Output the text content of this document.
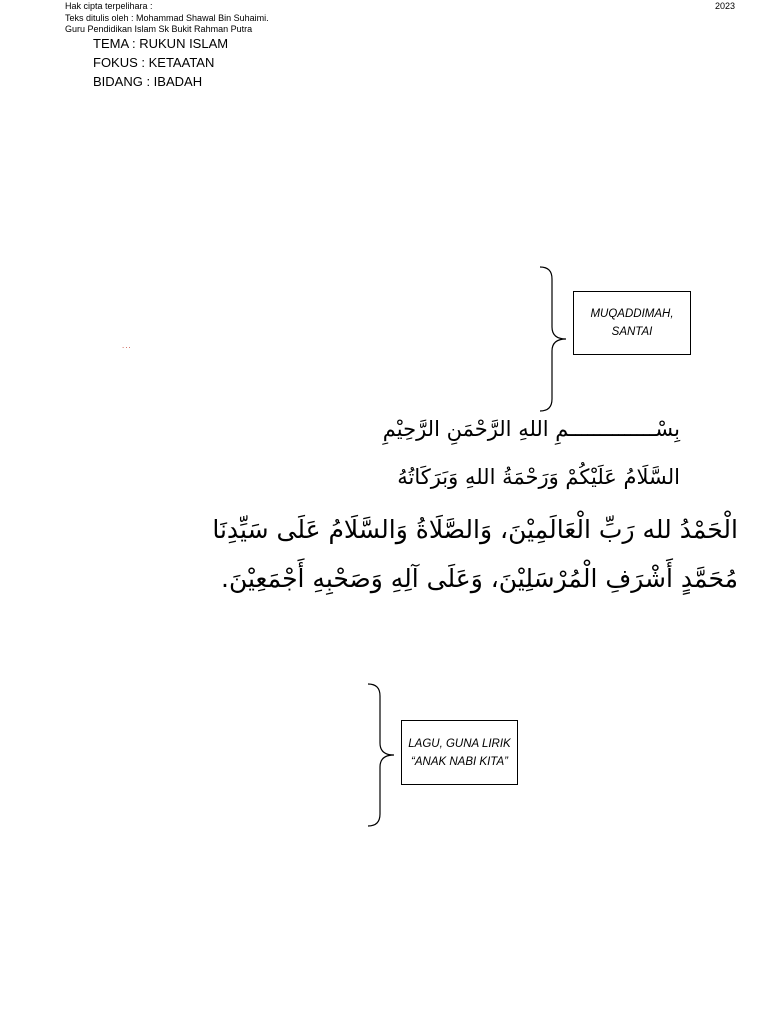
Hak cipta terpelihara :
Teks ditulis oleh : Mohammad Shawal Bin Suhaimi.
Guru Pendidikan Islam Sk Bukit Rahman Putra
2023
TEMA : RUKUN ISLAM
FOKUS : KETAATAN
BIDANG : IBADAH
...
MUQADDIMAH, SANTAI
بِسْــــــــــــــمِ اللهِ الرَّحْمَنِ الرَّحِيْمِ
السَّلَامُ عَلَيْكُمْ وَرَحْمَةُ اللهِ وَبَرَكَاتُهُ
الْحَمْدُ لله رَبِّ الْعَالَمِيْنَ، وَالصَّلَاةُ وَالسَّلَامُ عَلَى سَيِّدِنَا
مُحَمَّدٍ أَشْرَفِ الْمُرْسَلِيْنَ، وَعَلَى آلِهِ وَصَحْبِهِ أَجْمَعِيْنَ.
LAGU, GUNA LIRIK “ANAK NABI KITA”
